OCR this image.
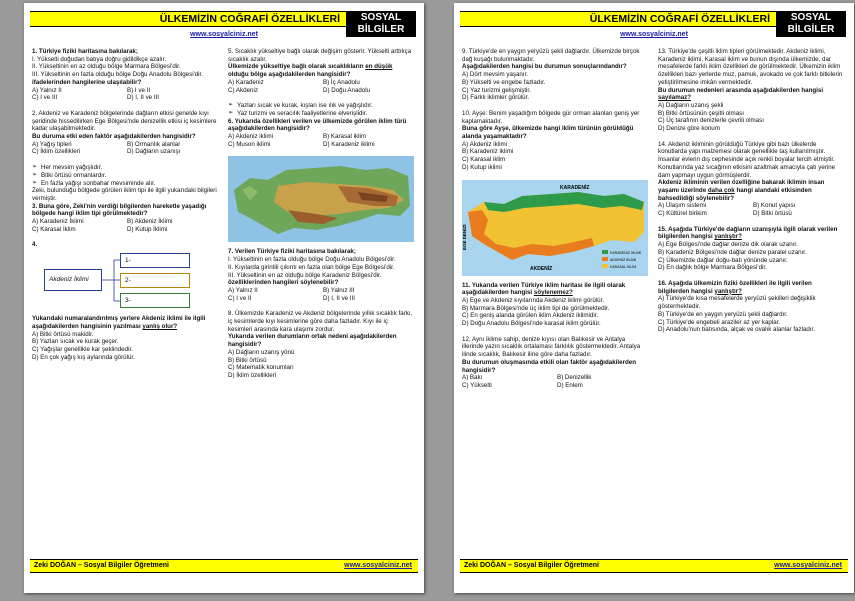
ÜLKEMİZİN COĞRAFİ ÖZELLİKLERİ	SOSYAL BİLGİLER
6
www.sosyalciniz.net

1. Türkiye fiziki haritasına bakılarak;

I. Yükselti doğudan batıya doğru gidildikçe azalır.

II. Yükseltinin en az olduğu bölge Marmara Bölgesi'dir.

III. Yükseltinin en fazla olduğu bölge Doğu Anadolu Bölgesi'dir.

ifadelerinden hangilerine ulaşılabilir?

A) Yalnız II	B) I ve II
C) I ve III	D) I, II ve III

2. Akdeniz ve Karadeniz bölgelerinde dağların etkisi genelde kıyı şeridinde hissedilirken Ege Bölgesi'nde denizellik etkisi iç kesimlere kadar ulaşabilmektedir.

Bu duruma etki eden faktör aşağıdakilerden hangisidir?

A) Yağış tipleri	B) Ormanlık alanlar
C) İklim özellikleri	D) Dağların uzanışı

➢ Her mevsim yağışlıdır.

➢ Bitki örtüsü ormanlardır.

➢ En fazla yağışı sonbahar mevsiminde alır.

Zeki, bulunduğu bölgede görülen iklim tipi ile ilgili yukarıdaki bilgileri vermiştir.

3. Buna göre, Zeki'nin verdiği bilgilerden hareketle yaşadığı bölgede hangi iklim tipi görülmektedir?

A) Karadeniz İklimi	B) Akdeniz İklimi
C) Karasal İklim	D) Kutup İklimi

4.

Akdeniz İklimi
1-
2-
3-

Yukarıdaki numaralandırılmış yerlere Akdeniz iklimi ile ilgili aşağıdakilerden hangisinin yazılması yanlış olur?

A) Bitki örtüsü makidir.
B) Yazları sıcak ve kurak geçer.
C) Yağışlar genellikle kar şeklindedir.
D) En çok yağış kış aylarında görülür.

5. Sıcaklık yükseltiye bağlı olarak değişim gösterir. Yükselti arttıkça sıcaklık azalır.

Ülkemizde yükseltiye bağlı olarak sıcaklıkların en düşük olduğu bölge aşağıdakilerden hangisidir?

A) Karadeniz	B) İç Anadolu
C) Akdeniz	D) Doğu Anadolu

➢ Yazları sıcak ve kurak, kışları ise ılık ve yağışlıdır.

➢ Yaz turizmi ve seracılık faaliyetlerine elverişlidir.

6. Yukarıda özellikleri verilen ve ülkemizde görülen iklim türü aşağıdakilerden hangisidir?

A) Akdeniz iklimi	B) Karasal iklim
C) Muson iklimi	D) Karadeniz iklimi

7. Verilen Türkiye fiziki haritasına bakılarak;

I. Yükseltinin en fazla olduğu bölge Doğu Anadolu Bölgesi'dir.

II. Kıyılarda girintili çıkıntı en fazla olan bölge Ege Bölgesi'dir.

III. Yükseltinin en az olduğu bölge Karadeniz Bölgesi'dir.

özelliklerinden hangileri söylenebilir?

A) Yalnız II	B) Yalnız III
C) I ve II	D) I, II ve III

8. Ülkemizde Karadeniz ve Akdeniz bölgelerinde yıllık sıcaklık farkı, iç kesimlerde kıyı kesimlerine göre daha fazladır. Kıyı ile iç kesimleri arasında kara ulaşımı zordur.

Yukarıda verilen durumların ortak nedeni aşağıdakilerden hangisidir?

A) Dağların uzanış yönü
B) Bitki örtüsü
C) Matematik konumları
D) İklim özellikleri
Zeki DOĞAN – Sosyal Bilgiler Öğretmeni	www.sosyalciniz.net
ÜLKEMİZİN COĞRAFİ ÖZELLİKLERİ	SOSYAL BİLGİLER
6
www.sosyalciniz.net

9. Türkiye'de en yaygın yeryüzü şekli dağlardır. Ülkemizde birçok dağ kuşağı bulunmaktadır.

Aşağıdakilerden hangisi bu durumun sonuçlarındandır?

A) Dört mevsim yaşanır.
B) Yükselti ve engebe fazladır.
C) Yaz turizmi gelişmiştir.
D) Farklı iklimler görülür.

10. Ayşe: Benim yaşadığım bölgede gür orman alanları geniş yer kaplamaktadır.

Buna göre Ayşe, ülkemizde hangi iklim türünün görüldüğü alanda yaşamaktadır?

A) Akdeniz iklimi
B) Karadeniz iklimi
C) Karasal iklim
D) Kutup iklimi
KARADENİZ
AKDENİZ
EGE DENİZİ
KARADENİZ İKLİMİ
AKDENİZ İKLİMİ
KARASAL İKLİM

11. Yukarıda verilen Türkiye iklim haritası ile ilgili olarak aşağıdakilerden hangisi söylenemez?

A) Ege ve Akdeniz kıyılarında Akdeniz iklimi görülür.
B) Marmara Bölgesi'nde üç iklim tipi de görülmektedir.
C) En geniş alanda görülen iklim Akdeniz iklimidir.
D) Doğu Anadolu Bölgesi'nde karasal iklim görülür.

12. Aynı iklime sahip, denize kıyısı olan Balıkesir ve Antalya illerinde yazın sıcaklık ortalaması farklılık göstermektedir. Antalya ilinde sıcaklık, Balıkesir iline göre daha fazladır.

Bu durumun oluşmasında etkili olan faktör aşağıdakilerden hangisidir?

A) Bakı	B) Denizellik
C) Yükselti	D) Enlem

13. Türkiye'de çeşitli iklim tipleri görülmektedir. Akdeniz iklimi, Karadeniz iklimi, Karasal iklim ve bunun dışında ülkemizde, dar mesafelerde farklı iklim özellikleri de görülmektedir. Ülkemizin iklim özellikleri bazı yerlerde muz, pamuk, avokado ve çok farklı bitkilerin yetiştirilmesine imkân vermektedir.

Bu durumun nedenleri arasında aşağıdakilerden hangisi sayılamaz?

A) Dağların uzanış şekli
B) Bitki örtüsünün çeşitli olması
C) Üç tarafının denizlerle çevrili olması
D) Denize göre konum

14. Akdeniz ikliminin görüldüğü Türkiye gibi bazı ülkelerde konutlarda yapı malzemesi olarak genellikle taş kullanılmıştır. İnsanlar evlerin dış cephesinde açık renkli boyalar tercih etmiştir. Konutlarında yaz sıcağının etkisini azaltmak amacıyla çatı yerine dam yapmayı uygun görmüşlerdir.

Akdeniz ikliminin verilen özelliğine bakarak iklimin insan yaşamı üzerinde daha çok hangi alandaki etkisinden bahsedildiği söylenebilir?

A) Ulaşım sistemi	B) Konut yapısı
C) Kültürel birikim	D) Bitki örtüsü

15. Aşağıda Türkiye'de dağların uzanışıyla ilgili olarak verilen bilgilerden hangisi yanlıştır?

A) Ege Bölgesi'nde dağlar denize dik olarak uzanır.
B) Karadeniz Bölgesi'nde dağlar denize paralel uzanır.
C) Ülkemizde dağlar doğu-batı yönünde uzanır.
D) En dağlık bölge Marmara Bölgesi'dir.

16. Aşağıda ülkemizin fiziki özellikleri ile ilgili verilen bilgilerden hangisi yanlıştır?

A) Türkiye'de kısa mesafelerde yeryüzü şekilleri değişiklik göstermektedir.
B) Türkiye'de en yaygın yeryüzü şekli dağlardır.
C) Türkiye'de engebeli araziler az yer kaplar.
D) Anadolu'nun batısında, alçak ve ovalık alanlar fazladır.
Zeki DOĞAN – Sosyal Bilgiler Öğretmeni	www.sosyalciniz.net
